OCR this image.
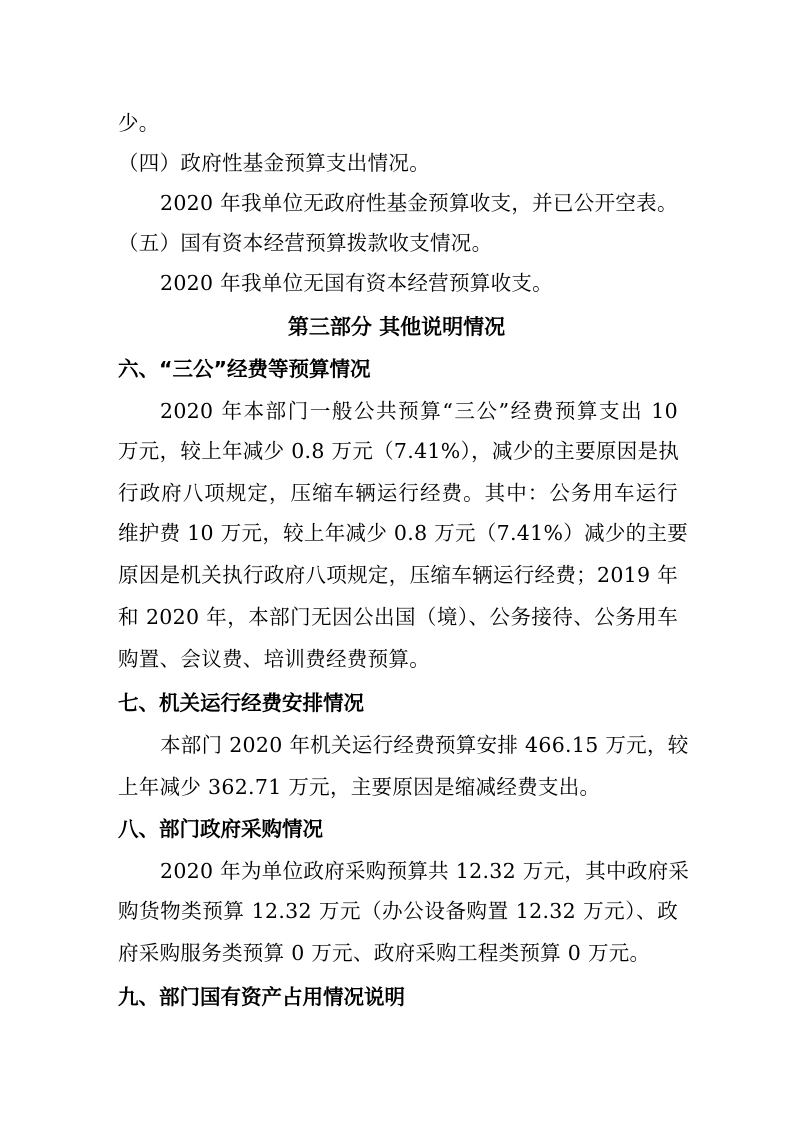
少。
（四）政府性基金预算支出情况。
2020 年我单位无政府性基金预算收支，并已公开空表。
（五）国有资本经营预算拨款收支情况。
2020 年我单位无国有资本经营预算收支。
第三部分 其他说明情况
六、“三公”经费等预算情况
2020 年本部门一般公共预算“三公”经费预算支出 10
万元，较上年减少 0.8 万元（7.41%），减少的主要原因是执
行政府八项规定，压缩车辆运行经费。其中：公务用车运行
维护费 10 万元，较上年减少 0.8 万元（7.41%）减少的主要
原因是机关执行政府八项规定，压缩车辆运行经费；2019 年
和 2020 年，本部门无因公出国（境）、公务接待、公务用车
购置、会议费、培训费经费预算。
七、机关运行经费安排情况
本部门 2020 年机关运行经费预算安排 466.15 万元，较
上年减少 362.71 万元，主要原因是缩减经费支出。
八、部门政府采购情况
2020 年为单位政府采购预算共 12.32 万元，其中政府采
购货物类预算 12.32 万元（办公设备购置 12.32 万元）、政
府采购服务类预算 0 万元、政府采购工程类预算 0 万元。
九、部门国有资产占用情况说明
